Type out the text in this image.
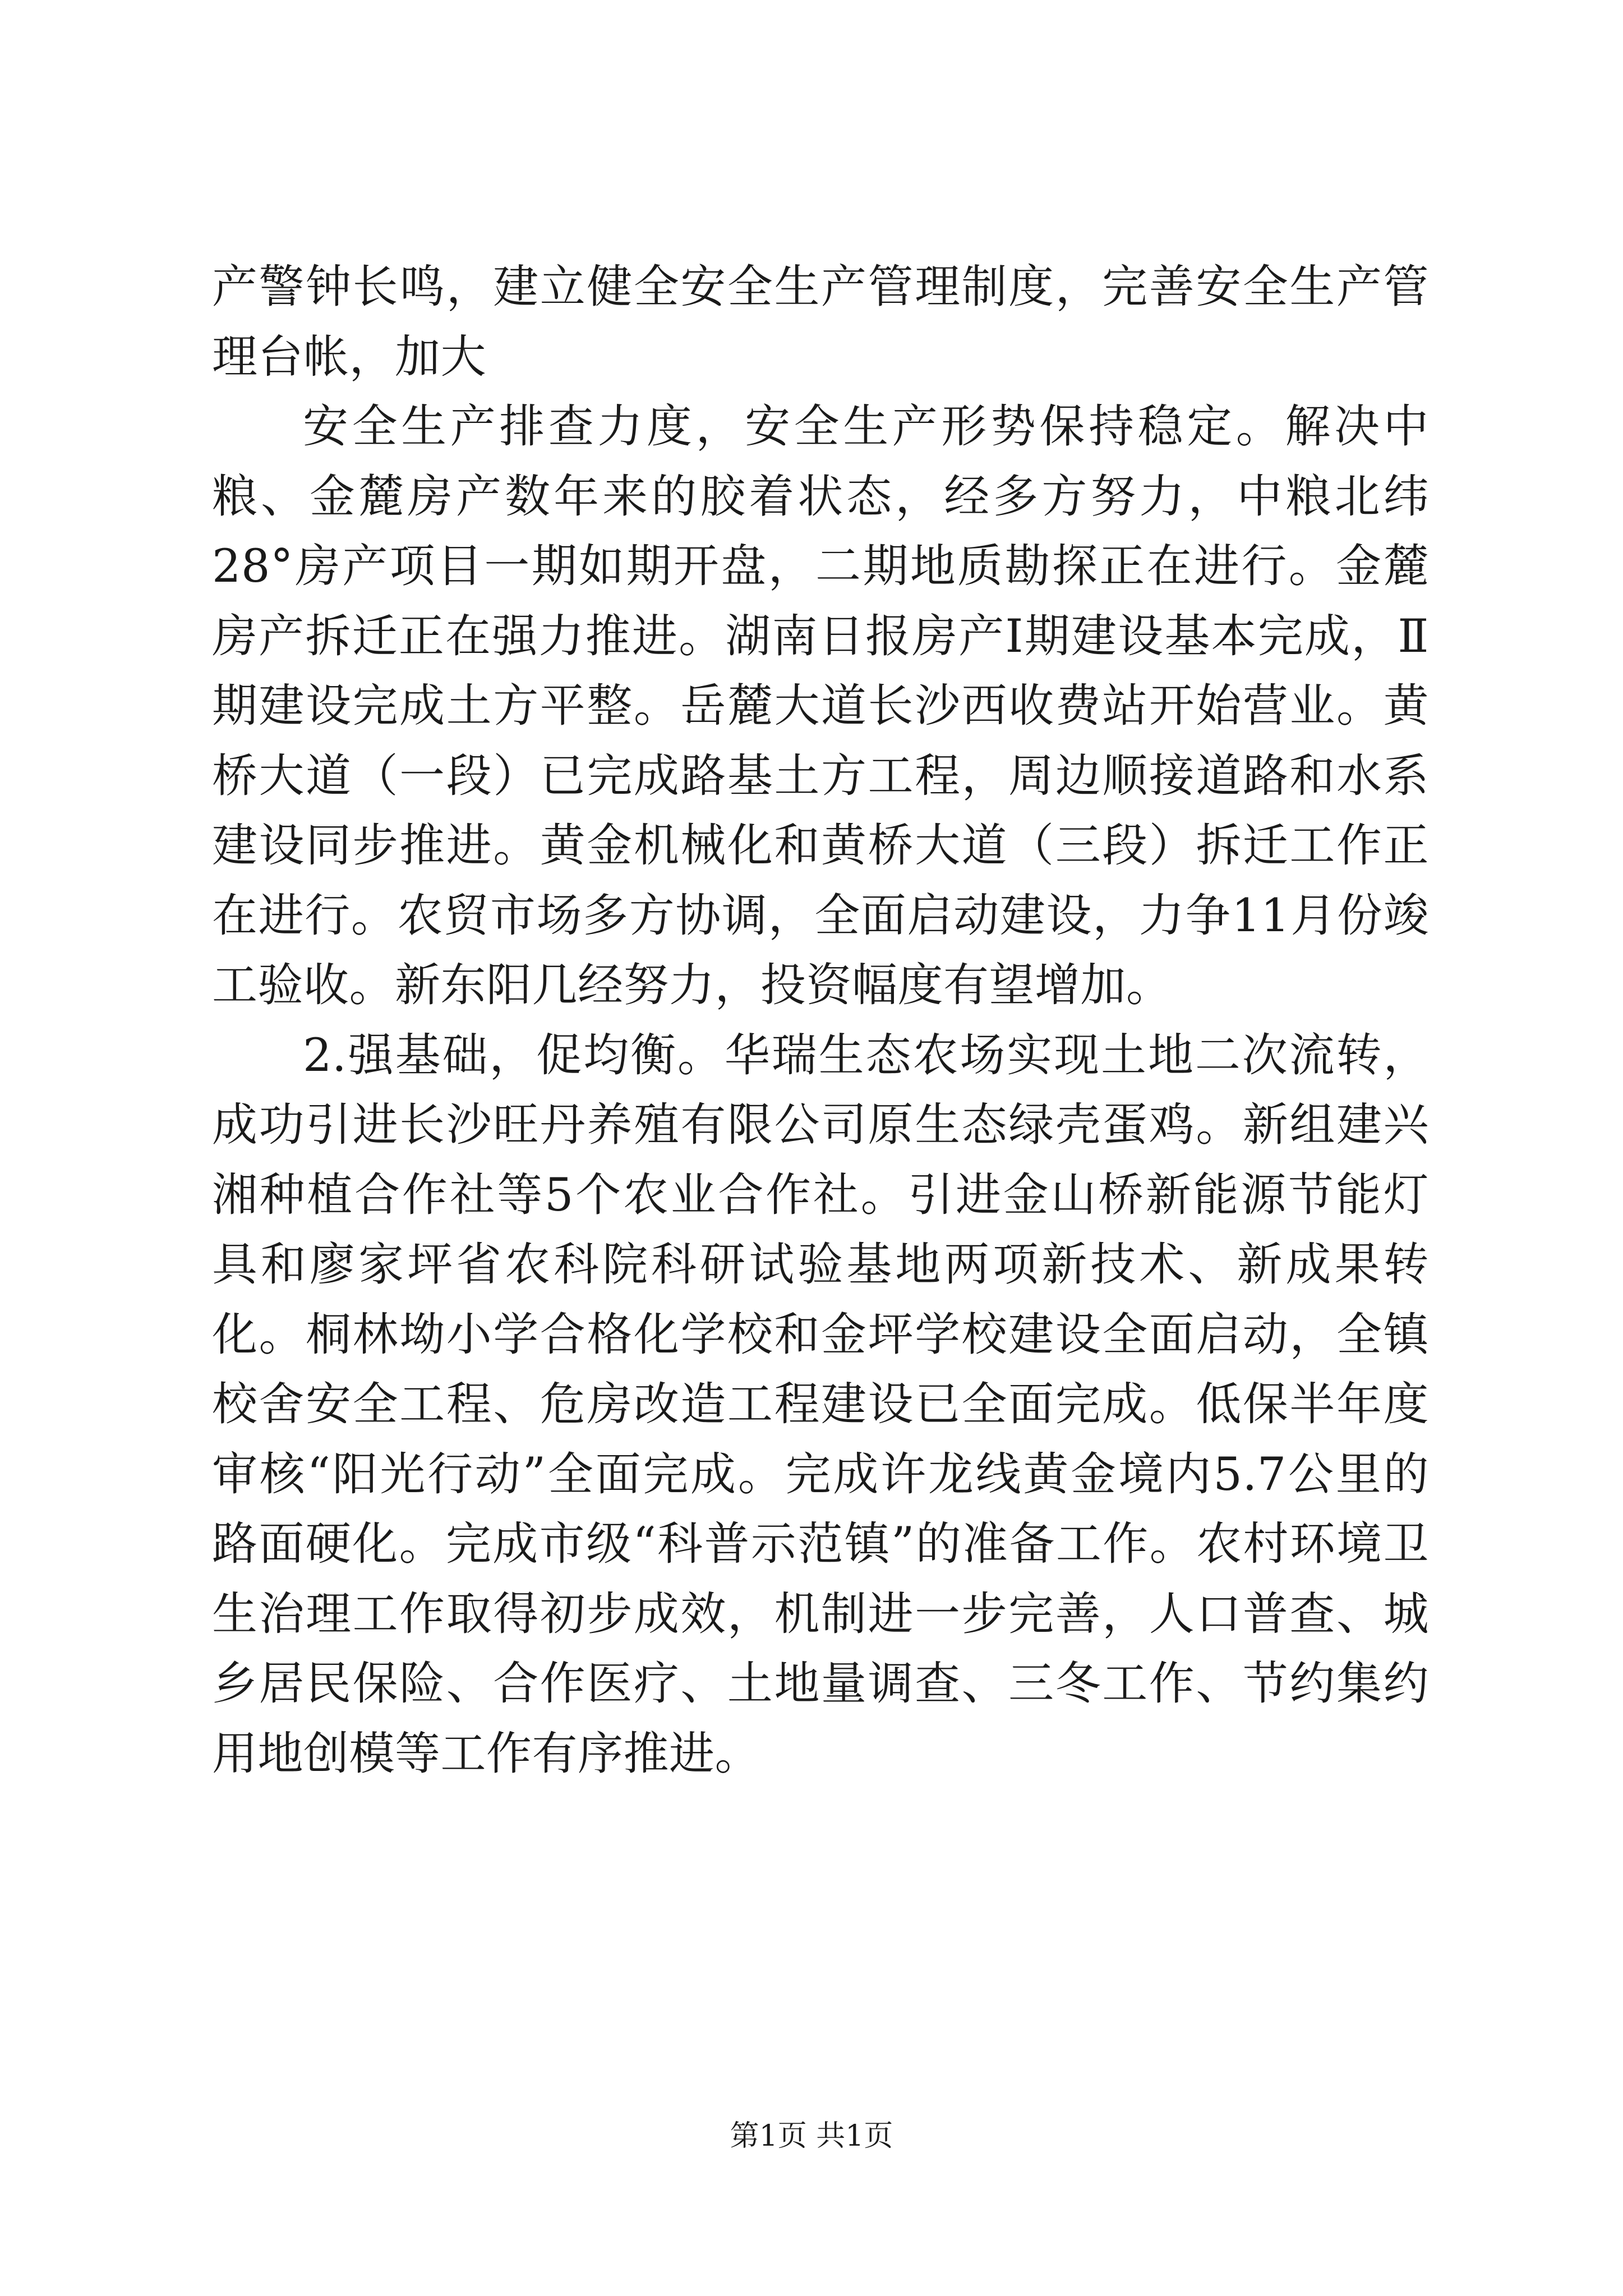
产警钟长鸣，建立健全安全生产管理制度，完善安全生产管理台帐，加大

安全生产排查力度，安全生产形势保持稳定。解决中粮、金麓房产数年来的胶着状态，经多方努力，中粮北纬28°房产项目一期如期开盘，二期地质勘探正在进行。金麓房产拆迁正在强力推进。湖南日报房产Ⅰ期建设基本完成，Ⅱ期建设完成土方平整。岳麓大道长沙西收费站开始营业。黄桥大道（一段）已完成路基土方工程，周边顺接道路和水系建设同步推进。黄金机械化和黄桥大道（三段）拆迁工作正在进行。农贸市场多方协调，全面启动建设，力争11月份竣工验收。新东阳几经努力，投资幅度有望增加。

2.强基础，促均衡。华瑞生态农场实现土地二次流转，成功引进长沙旺丹养殖有限公司原生态绿壳蛋鸡。新组建兴湘种植合作社等5个农业合作社。引进金山桥新能源节能灯具和廖家坪省农科院科研试验基地两项新技术、新成果转化。桐林坳小学合格化学校和金坪学校建设全面启动，全镇校舍安全工程、危房改造工程建设已全面完成。低保半年度审核“阳光行动”全面完成。完成许龙线黄金境内5.7公里的路面硬化。完成市级“科普示范镇”的准备工作。农村环境卫生治理工作取得初步成效，机制进一步完善，人口普查、城乡居民保险、合作医疗、土地量调查、三冬工作、节约集约用地创模等工作有序推进。

第1页 共1页
